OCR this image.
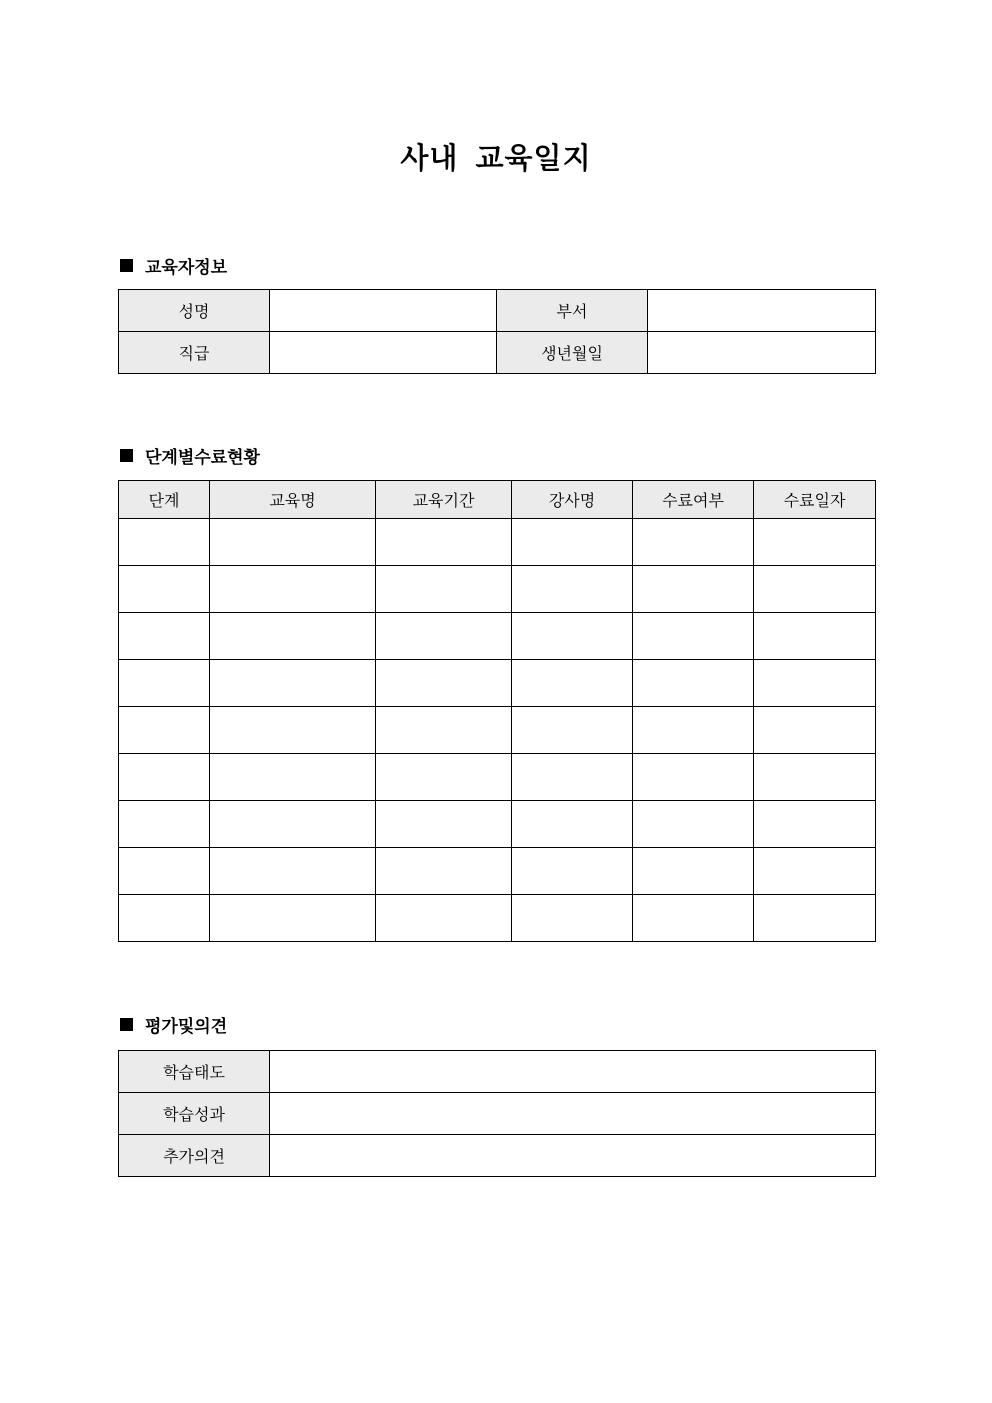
사내 교육일지
교육자정보
성명		부서	
직급		생년월일	
단계별수료현황
단계	교육명	교육기간	강사명	수료여부	수료일자

평가및의견
학습태도	
학습성과	
추가의견	
